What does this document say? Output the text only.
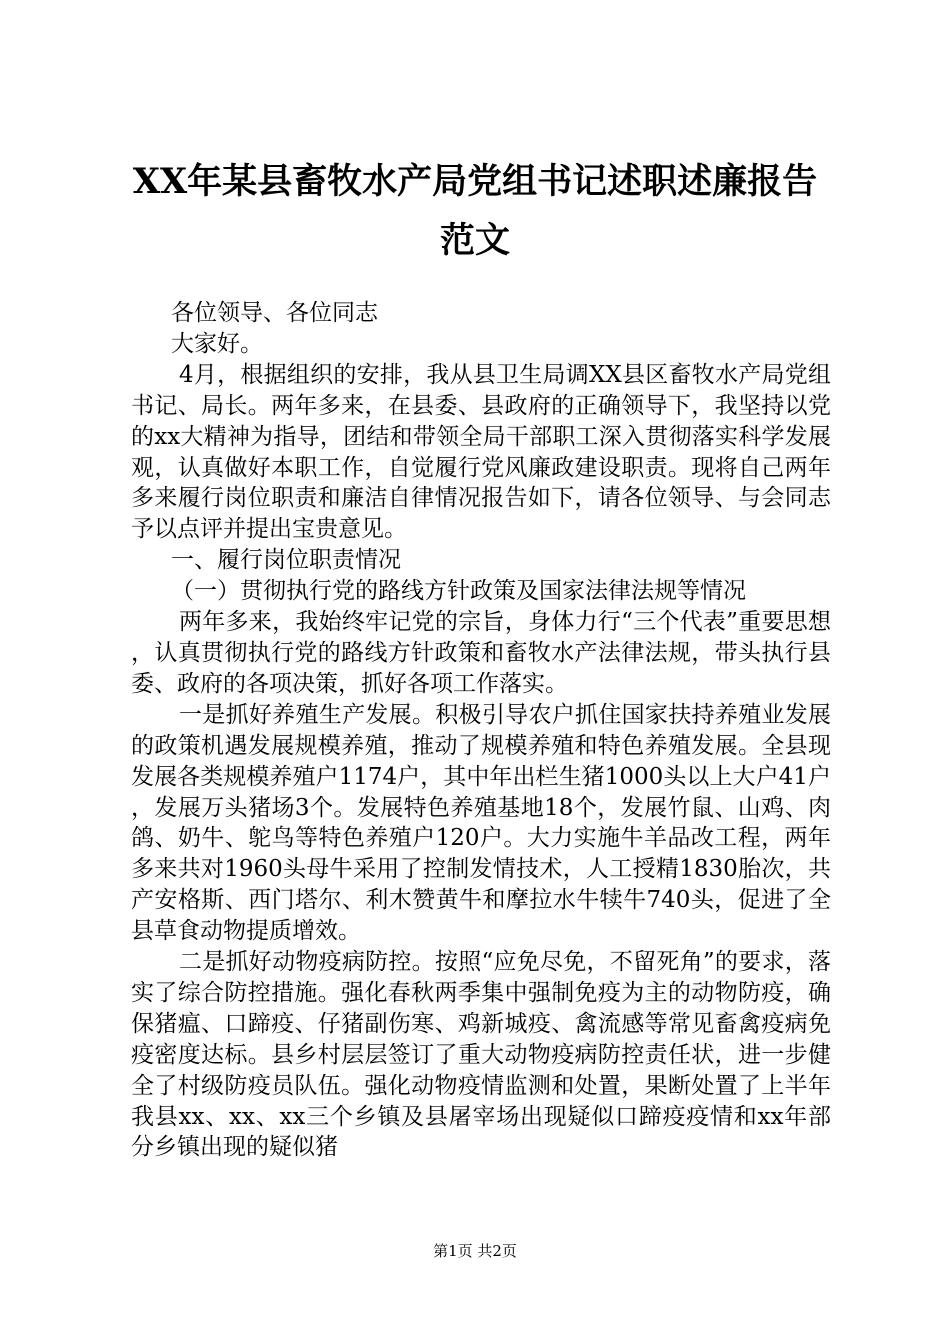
XX年某县畜牧水产局党组书记述职述廉报告
范文

各位领导、各位同志

大家好。

4月，根据组织的安排，我从县卫生局调XX县区畜牧水产局党组书记、局长。两年多来，在县委、县政府的正确领导下，我坚持以党的xx大精神为指导，团结和带领全局干部职工深入贯彻落实科学发展观，认真做好本职工作，自觉履行党风廉政建设职责。现将自己两年多来履行岗位职责和廉洁自律情况报告如下，请各位领导、与会同志予以点评并提出宝贵意见。

一、履行岗位职责情况

（一）贯彻执行党的路线方针政策及国家法律法规等情况

两年多来，我始终牢记党的宗旨，身体力行“三个代表”重要思想，认真贯彻执行党的路线方针政策和畜牧水产法律法规，带头执行县委、政府的各项决策，抓好各项工作落实。

一是抓好养殖生产发展。积极引导农户抓住国家扶持养殖业发展的政策机遇发展规模养殖，推动了规模养殖和特色养殖发展。全县现发展各类规模养殖户1174户，其中年出栏生猪1000头以上大户41户，发展万头猪场3个。发展特色养殖基地18个，发展竹鼠、山鸡、肉鸽、奶牛、鸵鸟等特色养殖户120户。大力实施牛羊品改工程，两年多来共对1960头母牛采用了控制发情技术，人工授精1830胎次，共产安格斯、西门塔尔、利木赞黄牛和摩拉水牛犊牛740头，促进了全县草食动物提质增效。

二是抓好动物疫病防控。按照“应免尽免，不留死角”的要求，落实了综合防控措施。强化春秋两季集中强制免疫为主的动物防疫，确保猪瘟、口蹄疫、仔猪副伤寒、鸡新城疫、禽流感等常见畜禽疫病免疫密度达标。县乡村层层签订了重大动物疫病防控责任状，进一步健全了村级防疫员队伍。强化动物疫情监测和处置，果断处置了上半年我县xx、xx、xx三个乡镇及县屠宰场出现疑似口蹄疫疫情和xx年部分乡镇出现的疑似猪

第1页 共2页
